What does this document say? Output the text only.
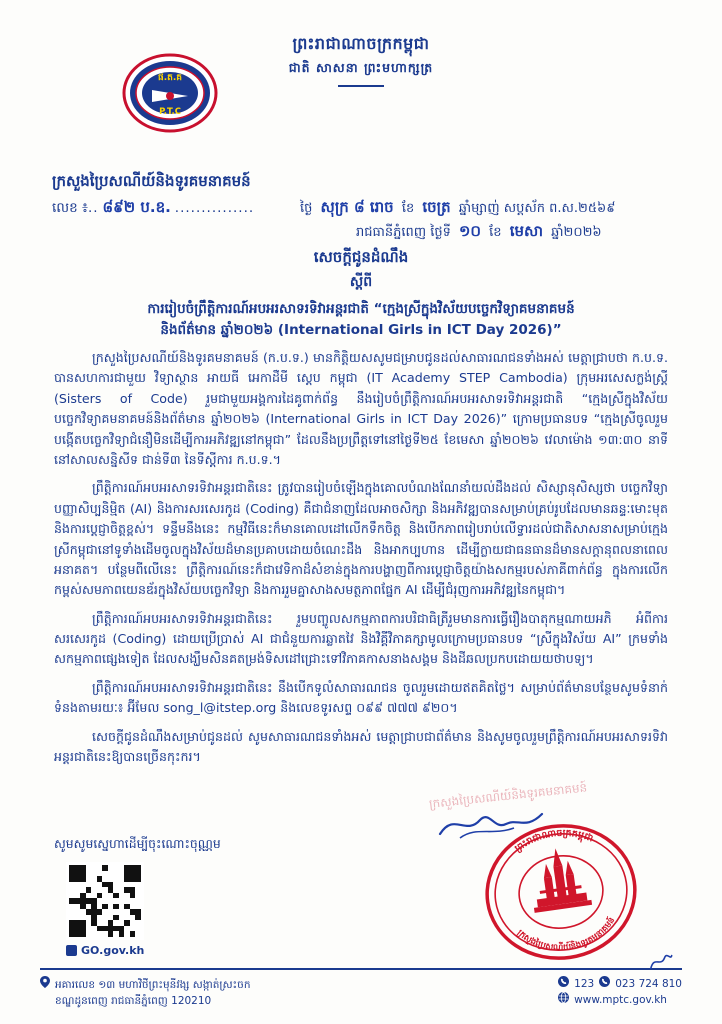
ព្រះរាជាណាចក្រកម្ពុជា
ជាតិ សាសនា ព្រះមហាក្សត្រ
ផ.ត.គ
P.T.C
ក្រសួងប្រៃសណីយ៍និងទូរគមនាគមន៍
លេខ ៖ .. ៨៩២ ប.ឧ. ...............	ថ្ងៃ សុក្រ ៨ រោច ខែ ចេត្រ ឆ្នាំម្សាញ់ សប្តស័ក ព.ស.២៥៦៩
រាជធានីភ្នំពេញ ថ្ងៃទី ១០ ខែ មេសា ឆ្នាំ២០២៦
សេចក្តីជូនដំណឹង
ស្តីពី
ការរៀបចំព្រឹត្តិការណ៍អបអរសាទរទិវាអន្តរជាតិ “ក្មេងស្រីក្នុងវិស័យបច្ចេកវិទ្យាគមនាគមន៍
និងព័ត៌មាន ឆ្នាំ២០២៦ (International Girls in ICT Day 2026)”

ក្រសួងប្រៃសណីយ៍និងទូរគមនាគមន៍ (ក.ប.ទ.) មានកិត្តិយសសូមជម្រាបជូនដល់សាធារណជនទាំងអស់ មេត្តាជ្រាបថា ក.ប.ទ. បានសហការជាមួយ វិទ្យាស្ថាន អាយធី អេកាដឺមី ស្តេប កម្ពុជា (IT Academy STEP Cambodia) ក្រុមអរសេសក្លង់ស្ត្រី (Sisters of Code) រួមជាមួយអង្គការដៃគូពាក់ព័ន្ធ នឹងរៀបចំព្រឹត្តិការណ៍អបអរសាទរទិវាអន្តរជាតិ “ក្មេងស្រីក្នុងវិស័យបច្ចេកវិទ្យាគមនាគមន៍និងព័ត៌មាន ឆ្នាំ២០២៦ (International Girls in ICT Day 2026)” ក្រោមប្រធានបទ “ក្មេងស្រីចូលរួមបង្កើតបច្ចេកវិទ្យាជំនឿមិនដើម្បីការអភិវឌ្ឍនៅកម្ពុជា” ដែលនឹងប្រព្រឹត្តទៅនៅថ្ងៃទី២៥ ខែមេសា ឆ្នាំ២០២៦ វេលាម៉ោង ១៣:៣០ នាទី នៅសាលសន្និសីទ ជាន់ទី៣ នៃទីស្តីការ ក.ប.ទ.។

ព្រឹត្តិការណ៍អបអរសាទរទិវាអន្តរជាតិនេះ ត្រូវបានរៀបចំឡើងក្នុងគោលបំណងណែនាំយល់ដឹងដល់ សិស្សានុសិស្សថា បច្ចេកវិទ្យាបញ្ញាសិប្បនិម្មិត (AI) និងការសរសេរកូដ (Coding) គឺជាជំនាញដែលអាចសិក្សា និងអភិវឌ្ឍបានសម្រាប់គ្រប់រូបដែលមានឆន្ទៈមោះមុត និងការប្តេជ្ញាចិត្តខ្ពស់។ ទន្ទឹមនឹងនេះ កម្មវិធីនេះក៏មានគោលដៅលើកទឹកចិត្ត និងបើកភាពរៀបរាប់លើទ្វារដល់ជាតិសាសនាសម្រាប់ក្មេងស្រីកម្ពុជានៅទូទាំងដើមចូលក្នុងវិស័យដ៏មានប្រគាបដោយចំណេះដឹង និងអាកប្បហាន ដើម្បីក្លាយជាធនធានដ៏មានសក្តានុពលនាពេលអនាគត។ បន្ថែមពីលើនេះ ព្រឹត្តិការណ៍នេះក៏ជាវេទិកាដ៏សំខាន់ក្នុងការបង្ហាញពីការប្តេជ្ញាចិត្តយ៉ាងសកម្មរបស់ភាគីពាក់ព័ន្ធ ក្នុងការលើកកម្ពស់សមភាពយេនឌ័រក្នុងវិស័យបច្ចេកវិទ្យា និងការរួមគ្នាសាងសមត្ថភាពផ្នែក AI ដើម្បីជំរុញការអភិវឌ្ឍនៃកម្ពុជា។

ព្រឹត្តិការណ៍អបអរសាទរទិវាអន្តរជាតិនេះ រួមបញ្ចូលសកម្មភាពការបរិជាធិត្រីរួមមានការធ្វើរឿងបាតុកម្មណាយអភិ អំពីការសរសេរកូដ (Coding) ដោយប្រើប្រាស់ AI ជាជំនួយការឆ្លាតវៃ និងវិគ្គីវិភាគក្សាមូលក្រោមប្រធានបទ “ស្រីក្នុងវិស័យ AI” ក្រមទាំងសកម្មភាពផ្សេងទៀត ដែលសង្ឃឹមសិនគតម្រង់ទិសដៅជ្រោះទៅវិភាគកាសនាងសង្គម និងដីឆលប្រកបដោយយថាបទ្យ។

ព្រឹត្តិការណ៍អបអរសាទរទិវាអន្តរជាតិនេះ នឹងបើកទូលំសាធារណជន ចូលរួមដោយឥតគិតថ្លៃ។ សម្រាប់ព័ត៌មានបន្ថែមសូមទំនាក់ទំនងតាមរយៈ៖ អ៊ីមែល song_l@itstep.org និងលេខទូរសព្ទ ០៩៩ ៧៧៧ ៩២០។

សេចក្តីជូនដំណឹងសម្រាប់ជូនដល់ សូមសាធារណជនទាំងអស់ មេត្តាជ្រាបជាព័ត៌មាន និងសូមចូលរួមព្រឹត្តិការណ៍អបអរសាទរទិវាអន្តរជាតិនេះឱ្យបានច្រើនកុះករ។

សូមសូមស្នេហាដើម្បីចុះណោះចុណ្ណម
ក្រសួងប្រៃសណីយ៍និងទូរគមនាគមន៍
ព្រះរាជាណាចក្រកម្ពុជា
ក្រសួងប្រៃសណីយ៍និងទូរគមនាគមន៍
GO.gov.kh
អគារលេខ ១៣ មហាវិថីព្រះមុនីវង្ស សង្កាត់ស្រះចក
ខណ្ឌដូនពេញ រាជធានីភ្នំពេញ 120210
123 023 724 810
www.mptc.gov.kh
